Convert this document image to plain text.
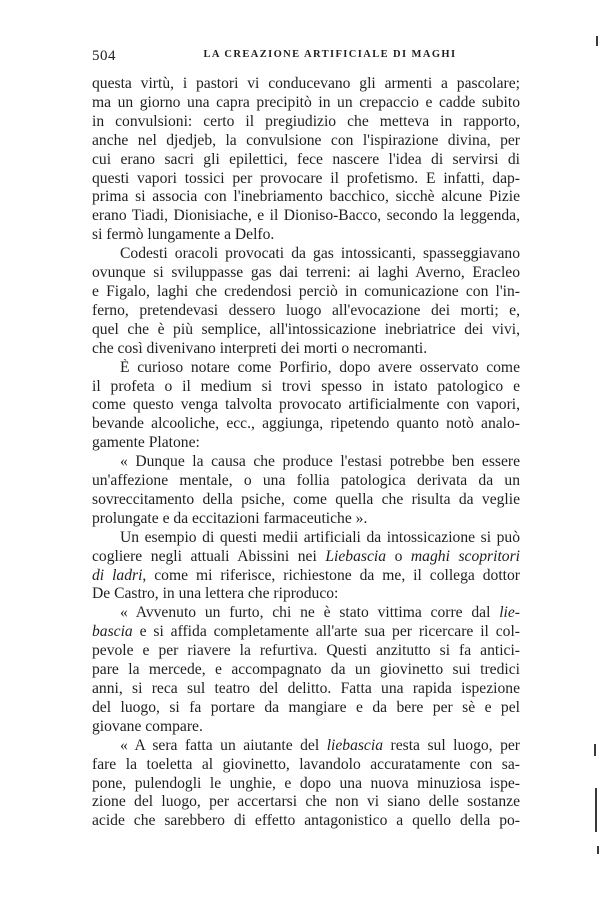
504	LA CREAZIONE ARTIFICIALE DI MAGHI
questa virtù, i pastori vi conducevano gli armenti a pascolare;
ma un giorno una capra precipitò in un crepaccio e cadde subito
in convulsioni: certo il pregiudizio che metteva in rapporto,
anche nel djedjeb, la convulsione con l'ispirazione divina, per
cui erano sacri gli epilettici, fece nascere l'idea di servirsi di
questi vapori tossici per provocare il profetismo. E infatti, dap-
prima si associa con l'inebriamento bacchico, sicchè alcune Pizie
erano Tiadi, Dionisiache, e il Dioniso-Bacco, secondo la leggenda,
si fermò lungamente a Delfo.
Codesti oracoli provocati da gas intossicanti, spasseggiavano
ovunque si sviluppasse gas dai terreni: ai laghi Averno, Eracleo
e Figalo, laghi che credendosi perciò in comunicazione con l'in-
ferno, pretendevasi dessero luogo all'evocazione dei morti; e,
quel che è più semplice, all'intossicazione inebriatrice dei vivi,
che così divenivano interpreti dei morti o necromanti.
È curioso notare come Porfirio, dopo avere osservato come
il profeta o il medium si trovi spesso in istato patologico e
come questo venga talvolta provocato artificialmente con vapori,
bevande alcooliche, ecc., aggiunga, ripetendo quanto notò analo-
gamente Platone:
« Dunque la causa che produce l'estasi potrebbe ben essere
un'affezione mentale, o una follia patologica derivata da un
sovreccitamento della psiche, come quella che risulta da veglie
prolungate e da eccitazioni farmaceutiche ».
Un esempio di questi medii artificiali da intossicazione si può
cogliere negli attuali Abissini nei Liebascia o maghi scopritori
di ladri, come mi riferisce, richiestone da me, il collega dottor
De Castro, in una lettera che riproduco:
« Avvenuto un furto, chi ne è stato vittima corre dal lie-
bascia e si affida completamente all'arte sua per ricercare il col-
pevole e per riavere la refurtiva. Questi anzitutto si fa antici-
pare la mercede, e accompagnato da un giovinetto sui tredici
anni, si reca sul teatro del delitto. Fatta una rapida ispezione
del luogo, si fa portare da mangiare e da bere per sè e pel
giovane compare.
« A sera fatta un aiutante del liebascia resta sul luogo, per
fare la toeletta al giovinetto, lavandolo accuratamente con sa-
pone, pulendogli le unghie, e dopo una nuova minuziosa ispe-
zione del luogo, per accertarsi che non vi siano delle sostanze
acide che sarebbero di effetto antagonistico a quello della po-
